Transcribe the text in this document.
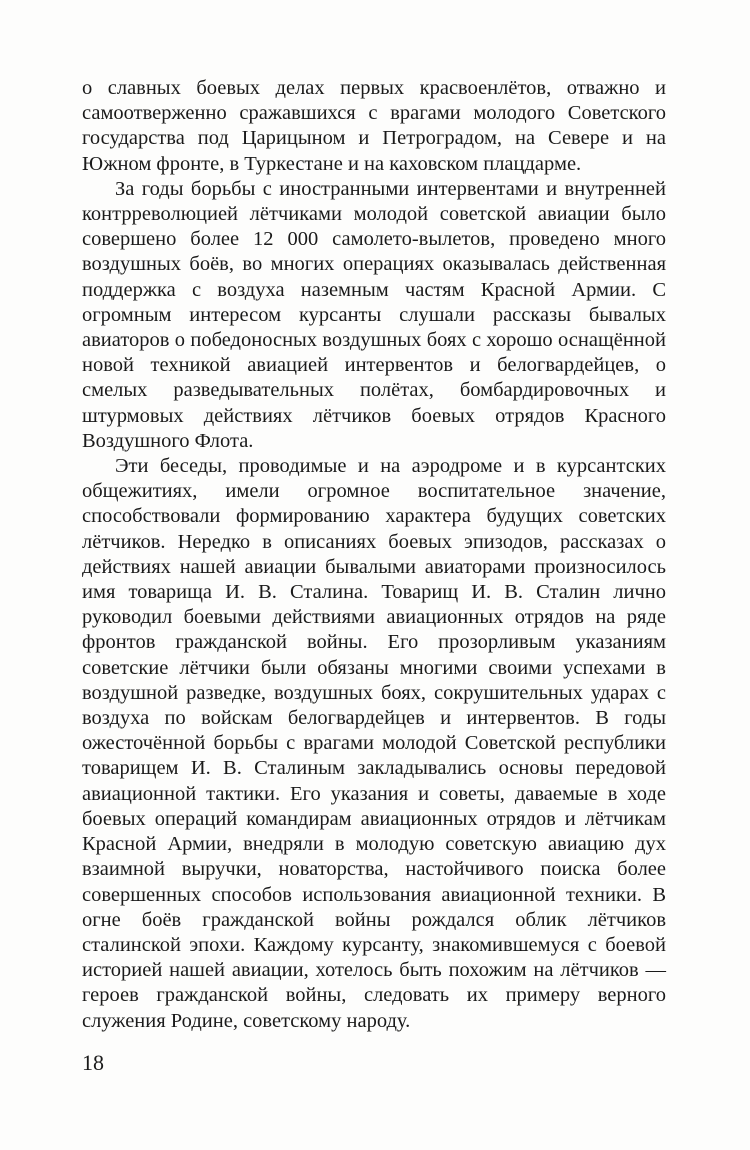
о славных боевых делах первых красвоенлётов, отважно и самоотверженно сражавшихся с врагами молодого Советского государства под Царицыном и Петроградом, на Севере и на Южном фронте, в Туркестане и на каховском плацдарме.

За годы борьбы с иностранными интервентами и внутренней контрреволюцией лётчиками молодой советской авиации было совершено более 12 000 самолето-вылетов, проведено много воздушных боёв, во многих операциях оказывалась действенная поддержка с воздуха наземным частям Красной Армии. С огромным интересом курсанты слушали рассказы бывалых авиаторов о победоносных воздушных боях с хорошо оснащённой новой техникой авиацией интервентов и белогвардейцев, о смелых разведывательных полётах, бомбардировочных и штурмовых действиях лётчиков боевых отрядов Красного Воздушного Флота.

Эти беседы, проводимые и на аэродроме и в курсантских общежитиях, имели огромное воспитательное значение, способствовали формированию характера будущих советских лётчиков. Нередко в описаниях боевых эпизодов, рассказах о действиях нашей авиации бывалыми авиаторами произносилось имя товарища И. В. Сталина. Товарищ И. В. Сталин лично руководил боевыми действиями авиационных отрядов на ряде фронтов гражданской войны. Его прозорливым указаниям советские лётчики были обязаны многими своими успехами в воздушной разведке, воздушных боях, сокрушительных ударах с воздуха по войскам белогвардейцев и интервентов. В годы ожесточённой борьбы с врагами молодой Советской республики товарищем И. В. Сталиным закладывались основы передовой авиационной тактики. Его указания и советы, даваемые в ходе боевых операций командирам авиационных отрядов и лётчикам Красной Армии, внедряли в молодую советскую авиацию дух взаимной выручки, новаторства, настойчивого поиска более совершенных способов использования авиационной техники. В огне боёв гражданской войны рождался облик лётчиков сталинской эпохи. Каждому курсанту, знакомившемуся с боевой историей нашей авиации, хотелось быть похожим на лётчиков — героев гражданской войны, следовать их примеру верного служения Родине, советскому народу.

18
